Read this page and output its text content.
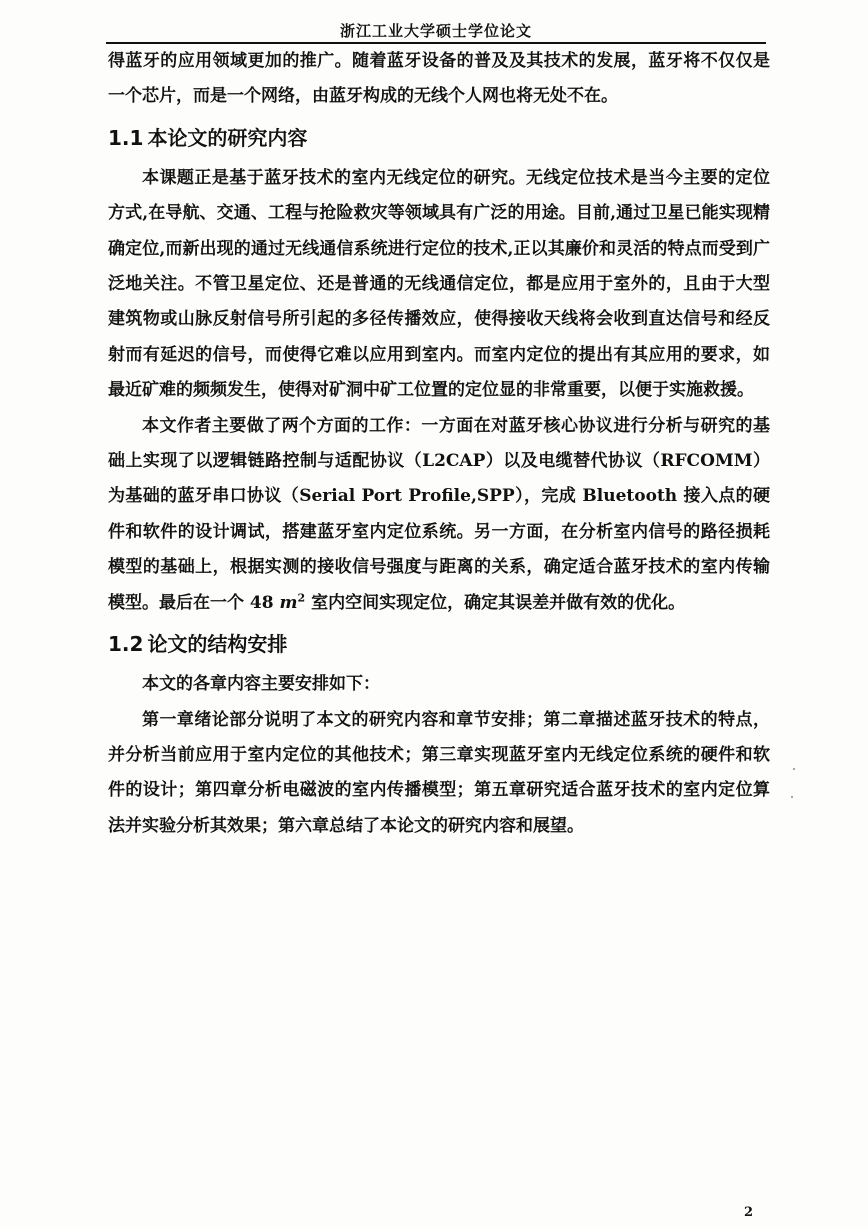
浙江工业大学硕士学位论文

得蓝牙的应用领域更加的推广。随着蓝牙设备的普及及其技术的发展，蓝牙将不仅仅是一个芯片，而是一个网络，由蓝牙构成的无线个人网也将无处不在。

1.1 本论文的研究内容

本课题正是基于蓝牙技术的室内无线定位的研究。无线定位技术是当今主要的定位方式,在导航、交通、工程与抢险救灾等领域具有广泛的用途。目前,通过卫星已能实现精确定位,而新出现的通过无线通信系统进行定位的技术,正以其廉价和灵活的特点而受到广泛地关注。不管卫星定位、还是普通的无线通信定位，都是应用于室外的，且由于大型建筑物或山脉反射信号所引起的多径传播效应，使得接收天线将会收到直达信号和经反射而有延迟的信号，而使得它难以应用到室内。而室内定位的提出有其应用的要求，如最近矿难的频频发生，使得对矿洞中矿工位置的定位显的非常重要，以便于实施救援。

本文作者主要做了两个方面的工作：一方面在对蓝牙核心协议进行分析与研究的基础上实现了以逻辑链路控制与适配协议（L2CAP）以及电缆替代协议（RFCOMM）为基础的蓝牙串口协议（Serial Port Profile,SPP），完成 Bluetooth 接入点的硬件和软件的设计调试，搭建蓝牙室内定位系统。另一方面，在分析室内信号的路径损耗模型的基础上，根据实测的接收信号强度与距离的关系，确定适合蓝牙技术的室内传输模型。最后在一个 48 $m^2$ 室内空间实现定位，确定其误差并做有效的优化。

1.2 论文的结构安排

本文的各章内容主要安排如下：

第一章绪论部分说明了本文的研究内容和章节安排；第二章描述蓝牙技术的特点，并分析当前应用于室内定位的其他技术；第三章实现蓝牙室内无线定位系统的硬件和软件的设计；第四章分析电磁波的室内传播模型；第五章研究适合蓝牙技术的室内定位算法并实验分析其效果；第六章总结了本论文的研究内容和展望。

2
